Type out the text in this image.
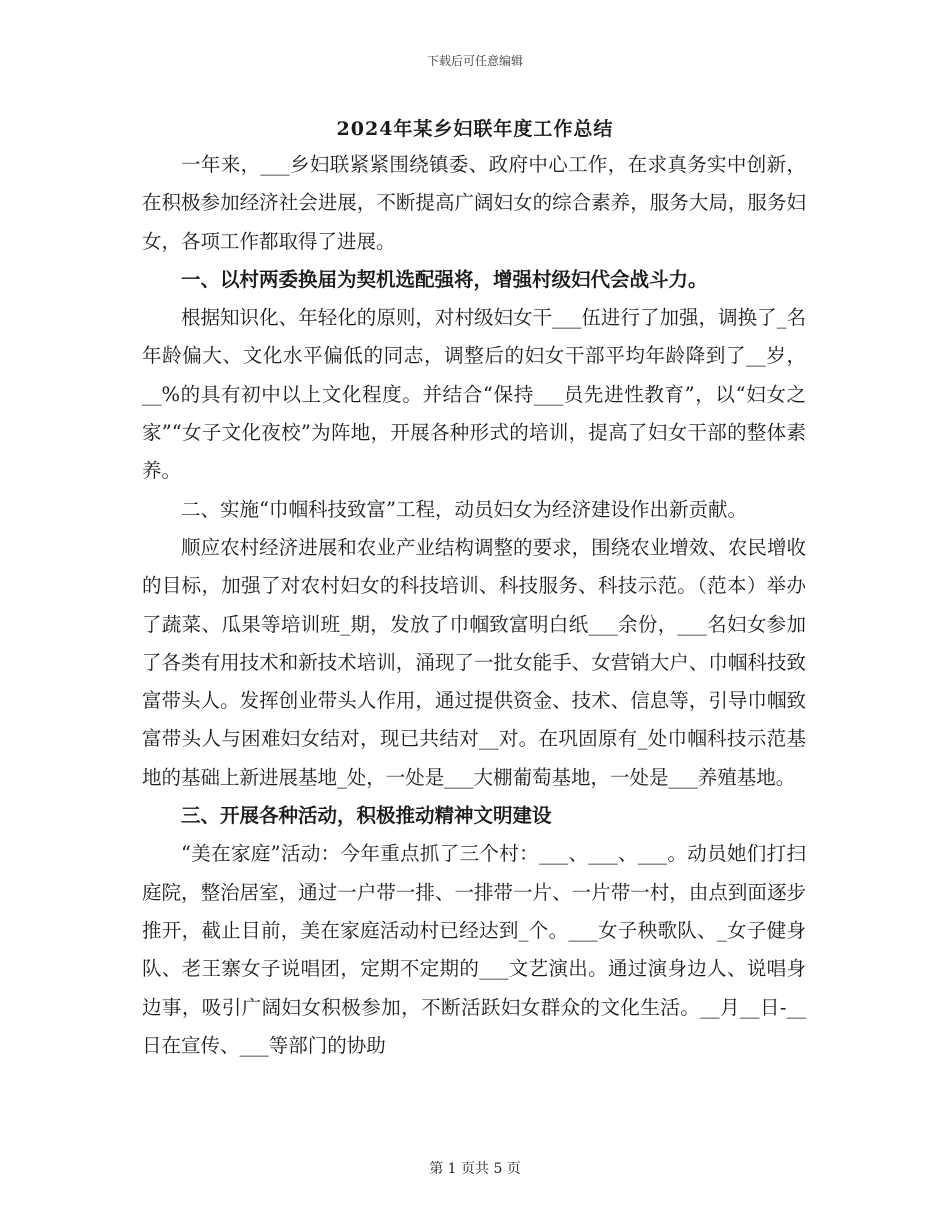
下载后可任意编辑
2024年某乡妇联年度工作总结

一年来，___乡妇联紧紧围绕镇委、政府中心工作，在求真务实中创新，在积极参加经济社会进展，不断提高广阔妇女的综合素养，服务大局，服务妇女，各项工作都取得了进展。

一、以村两委换届为契机选配强将，增强村级妇代会战斗力。

根据知识化、年轻化的原则，对村级妇女干___伍进行了加强，调换了_名年龄偏大、文化水平偏低的同志，调整后的妇女干部平均年龄降到了__岁，__%的具有初中以上文化程度。并结合“保持___员先进性教育”，以“妇女之家”“女子文化夜校”为阵地，开展各种形式的培训，提高了妇女干部的整体素养。

二、实施“巾帼科技致富”工程，动员妇女为经济建设作出新贡献。

顺应农村经济进展和农业产业结构调整的要求，围绕农业增效、农民增收的目标，加强了对农村妇女的科技培训、科技服务、科技示范。（范本）举办了蔬菜、瓜果等培训班_期，发放了巾帼致富明白纸___余份，___名妇女参加了各类有用技术和新技术培训，涌现了一批女能手、女营销大户、巾帼科技致富带头人。发挥创业带头人作用，通过提供资金、技术、信息等，引导巾帼致富带头人与困难妇女结对，现已共结对__对。在巩固原有_处巾帼科技示范基地的基础上新进展基地_处，一处是___大棚葡萄基地，一处是___养殖基地。

三、开展各种活动，积极推动精神文明建设

“美在家庭”活动：今年重点抓了三个村：___、___、___。动员她们打扫庭院，整治居室，通过一户带一排、一排带一片、一片带一村，由点到面逐步推开，截止目前，美在家庭活动村已经达到_个。___女子秧歌队、_女子健身队、老王寨女子说唱团，定期不定期的___文艺演出。通过演身边人、说唱身边事，吸引广阔妇女积极参加，不断活跃妇女群众的文化生活。__月__日-__日在宣传、___等部门的协助

第 1 页共 5 页
